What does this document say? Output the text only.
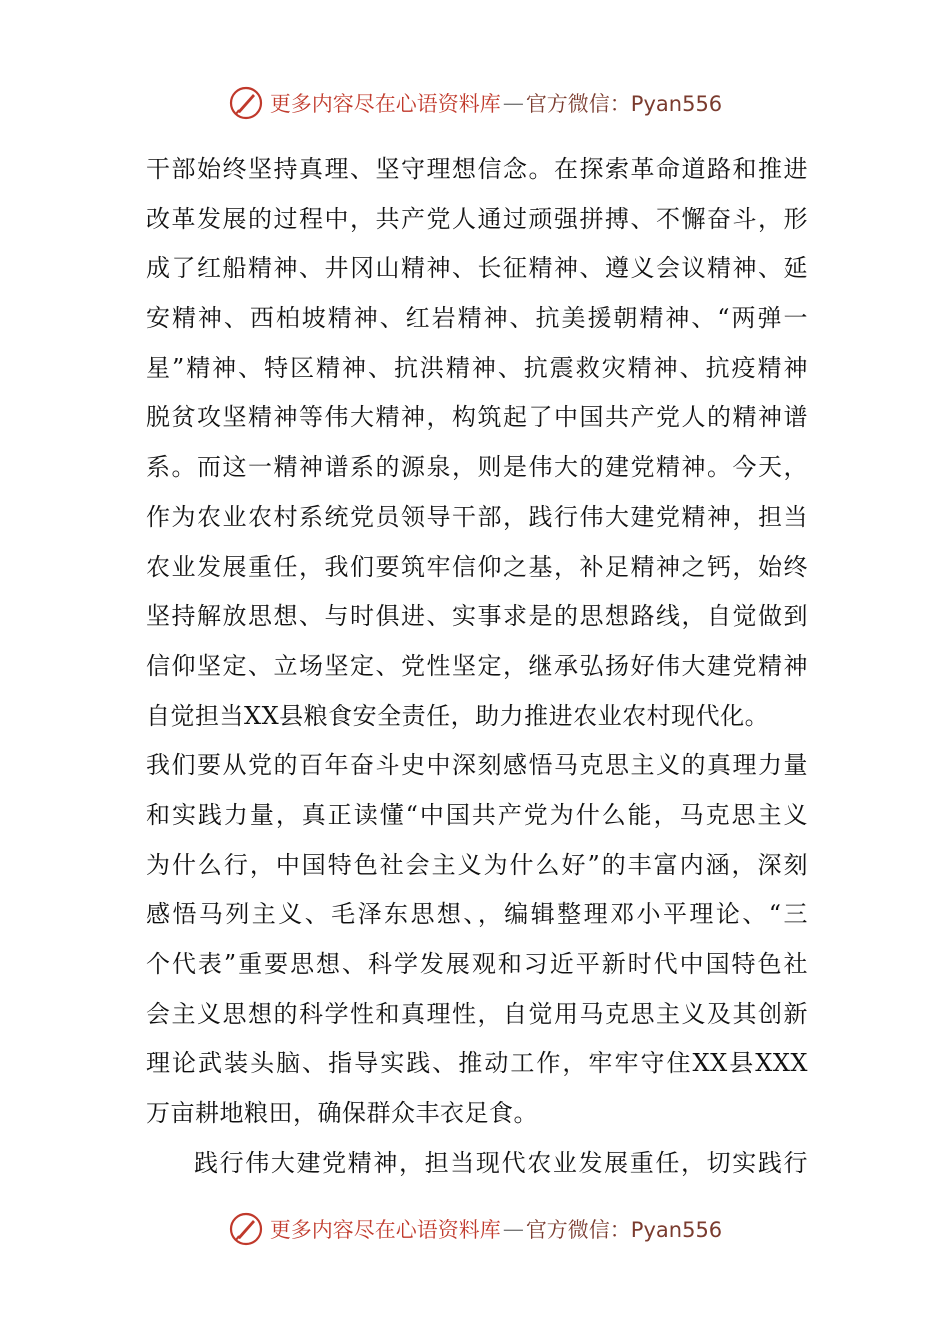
更多内容尽在心语资料库 — 官方微信：Pyan556
干部始终坚持真理、坚守理想信念。在探索革命道路和推进
改革发展的过程中，共产党人通过顽强拼搏、不懈奋斗，形
成了红船精神、井冈山精神、长征精神、遵义会议精神、延
安精神、西柏坡精神、红岩精神、抗美援朝精神、“两弹一
星”精神、特区精神、抗洪精神、抗震救灾精神、抗疫精神
脱贫攻坚精神等伟大精神，构筑起了中国共产党人的精神谱
系。而这一精神谱系的源泉，则是伟大的建党精神。今天，
作为农业农村系统党员领导干部，践行伟大建党精神，担当
农业发展重任，我们要筑牢信仰之基，补足精神之钙，始终
坚持解放思想、与时俱进、实事求是的思想路线，自觉做到
信仰坚定、立场坚定、党性坚定，继承弘扬好伟大建党精神
自觉担当XX县粮食安全责任，助力推进农业农村现代化。
我们要从党的百年奋斗史中深刻感悟马克思主义的真理力量
和实践力量，真正读懂“中国共产党为什么能，马克思主义
为什么行，中国特色社会主义为什么好”的丰富内涵，深刻
感悟马列主义、毛泽东思想、，编辑整理邓小平理论、“三
个代表”重要思想、科学发展观和习近平新时代中国特色社
会主义思想的科学性和真理性，自觉用马克思主义及其创新
理论武装头脑、指导实践、推动工作，牢牢守住XX县XXX
万亩耕地粮田，确保群众丰衣足食。
践行伟大建党精神，担当现代农业发展重任，切实践行
更多内容尽在心语资料库 — 官方微信：Pyan556
